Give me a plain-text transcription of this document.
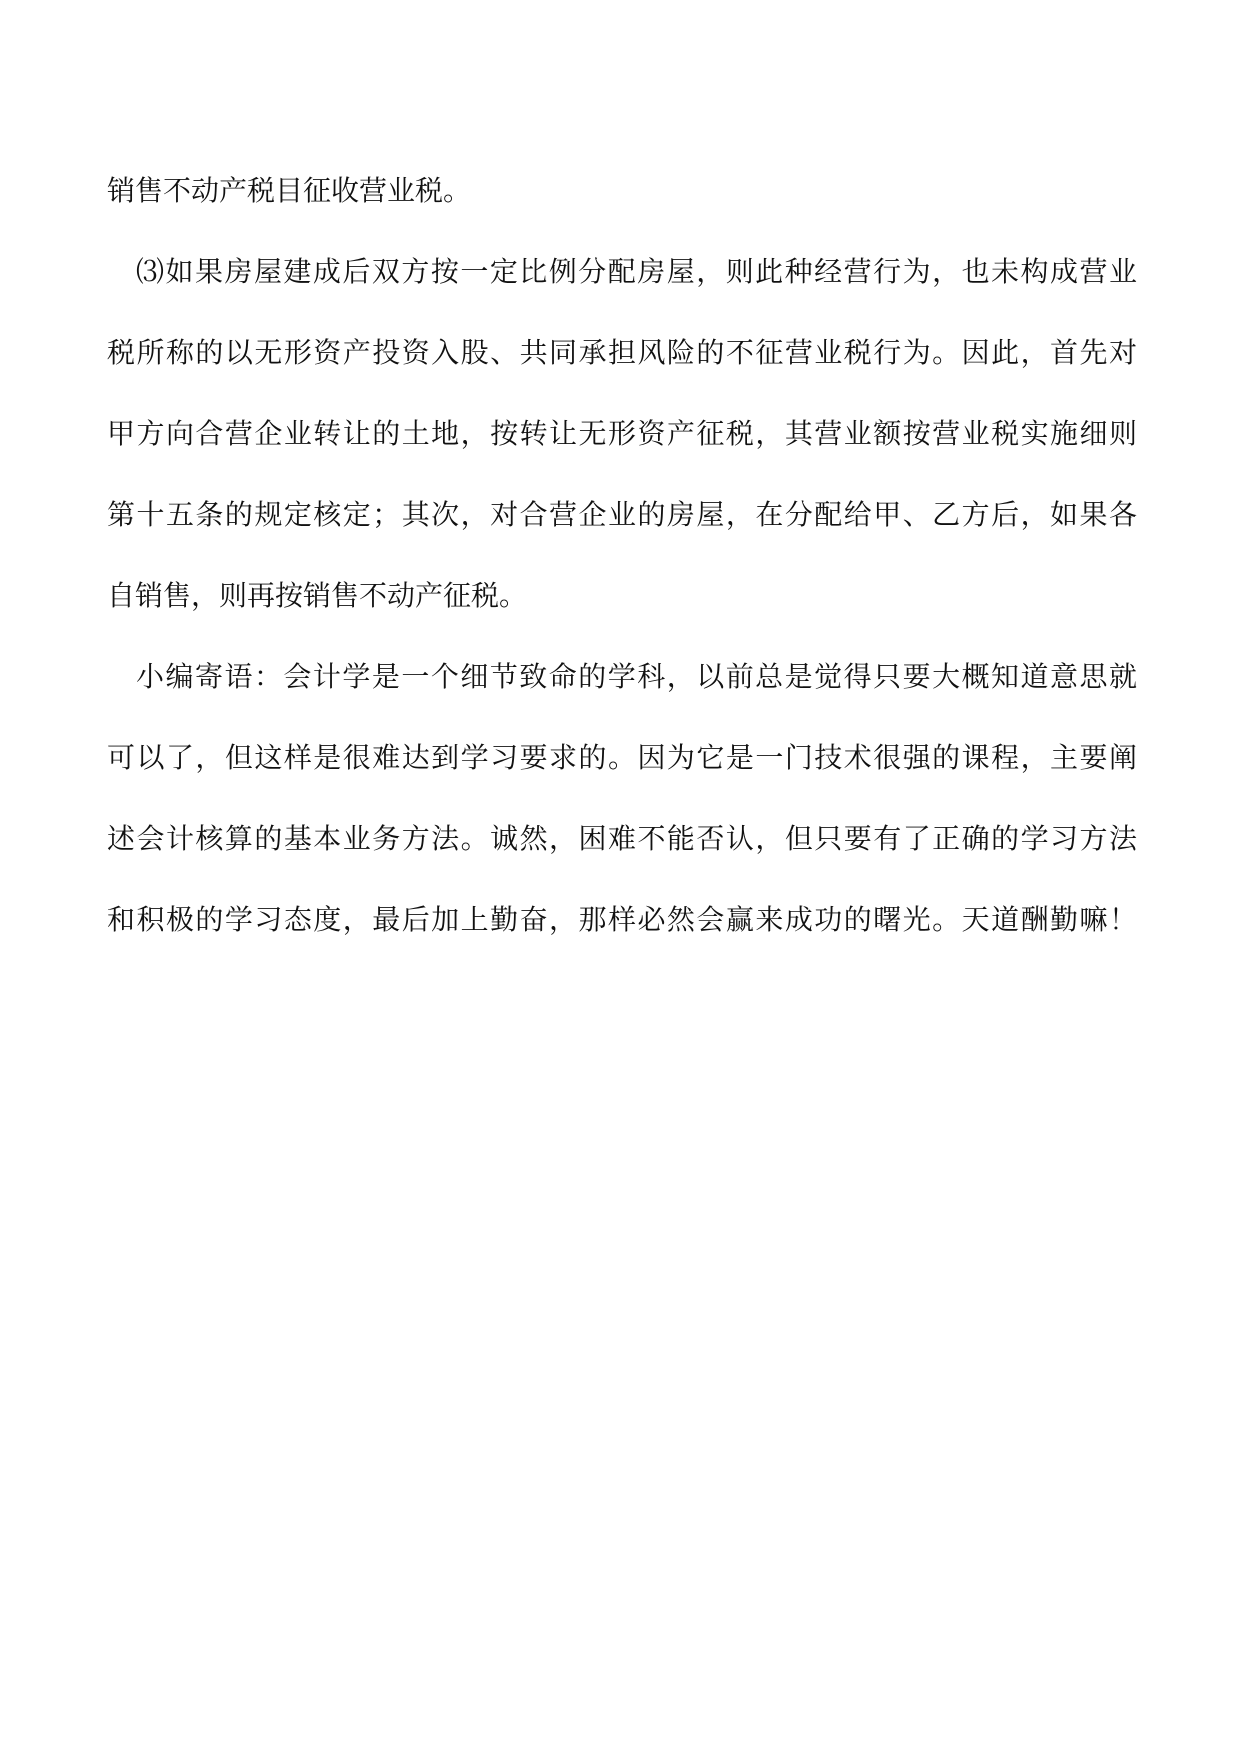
销售不动产税目征收营业税。
⑶如果房屋建成后双方按一定比例分配房屋，则此种经营行为，也未构成营业
税所称的以无形资产投资入股、共同承担风险的不征营业税行为。因此，首先对
甲方向合营企业转让的土地，按转让无形资产征税，其营业额按营业税实施细则
第十五条的规定核定；其次，对合营企业的房屋，在分配给甲、乙方后，如果各
自销售，则再按销售不动产征税。
小编寄语：会计学是一个细节致命的学科，以前总是觉得只要大概知道意思就
可以了，但这样是很难达到学习要求的。因为它是一门技术很强的课程，主要阐
述会计核算的基本业务方法。诚然，困难不能否认，但只要有了正确的学习方法
和积极的学习态度，最后加上勤奋，那样必然会赢来成功的曙光。天道酬勤嘛！
